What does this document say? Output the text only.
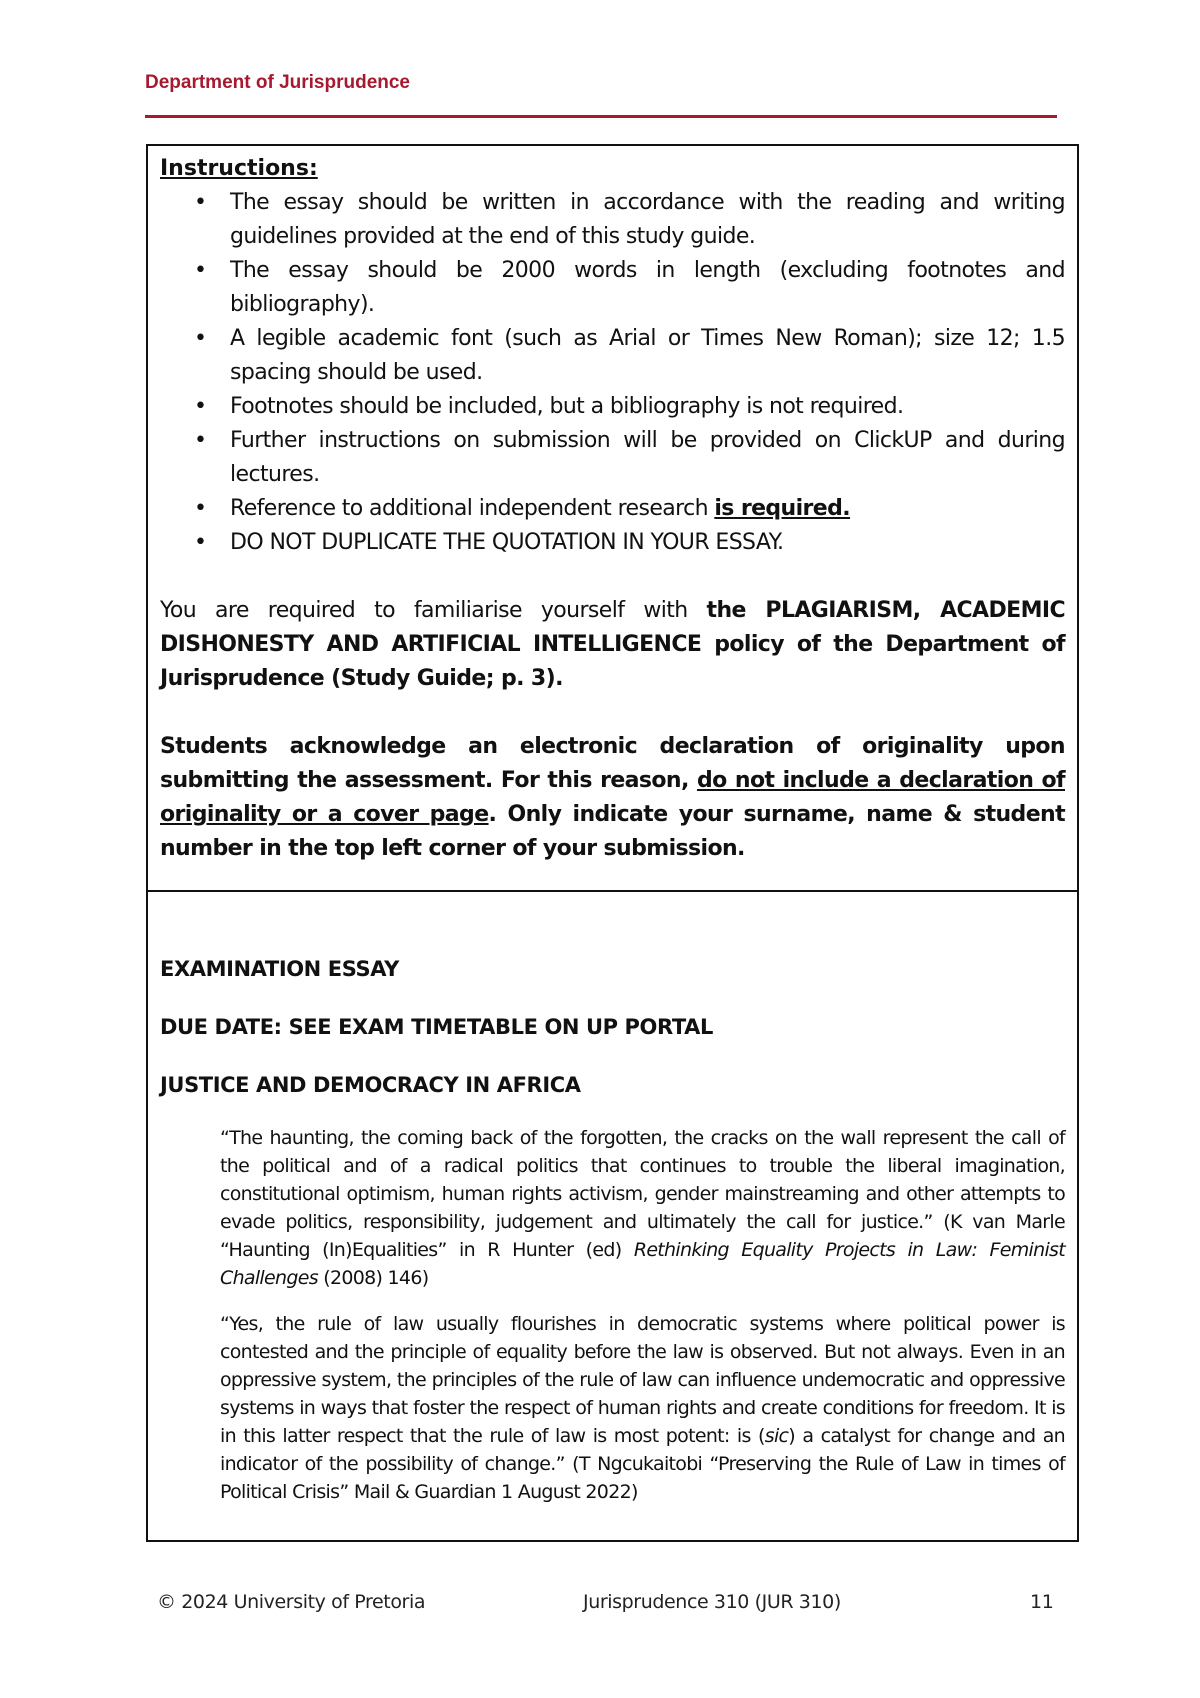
Department of Jurisprudence
Instructions:
• The essay should be written in accordance with the reading and writing guidelines provided at the end of this study guide.
• The essay should be 2000 words in length (excluding footnotes and bibliography).
• A legible academic font (such as Arial or Times New Roman); size 12; 1.5 spacing should be used.
• Footnotes should be included, but a bibliography is not required.
• Further instructions on submission will be provided on ClickUP and during lectures.
• Reference to additional independent research is required.
• DO NOT DUPLICATE THE QUOTATION IN YOUR ESSAY.
You are required to familiarise yourself with the PLAGIARISM, ACADEMIC DISHONESTY AND ARTIFICIAL INTELLIGENCE policy of the Department of Jurisprudence (Study Guide; p. 3).
Students acknowledge an electronic declaration of originality upon submitting the assessment. For this reason, do not include a declaration of originality or a cover page. Only indicate your surname, name & student number in the top left corner of your submission.
EXAMINATION ESSAY
DUE DATE: SEE EXAM TIMETABLE ON UP PORTAL
JUSTICE AND DEMOCRACY IN AFRICA
“The haunting, the coming back of the forgotten, the cracks on the wall represent the call of the political and of a radical politics that continues to trouble the liberal imagination, constitutional optimism, human rights activism, gender mainstreaming and other attempts to evade politics, responsibility, judgement and ultimately the call for justice.” (K van Marle “Haunting (In)Equalities” in R Hunter (ed) Rethinking Equality Projects in Law: Feminist Challenges (2008) 146)
“Yes, the rule of law usually flourishes in democratic systems where political power is contested and the principle of equality before the law is observed. But not always. Even in an oppressive system, the principles of the rule of law can influence undemocratic and oppressive systems in ways that foster the respect of human rights and create conditions for freedom. It is in this latter respect that the rule of law is most potent: is (sic) a catalyst for change and an indicator of the possibility of change.” (T Ngcukaitobi “Preserving the Rule of Law in times of Political Crisis” Mail & Guardian 1 August 2022)
© 2024 University of Pretoria	Jurisprudence 310 (JUR 310)	11
